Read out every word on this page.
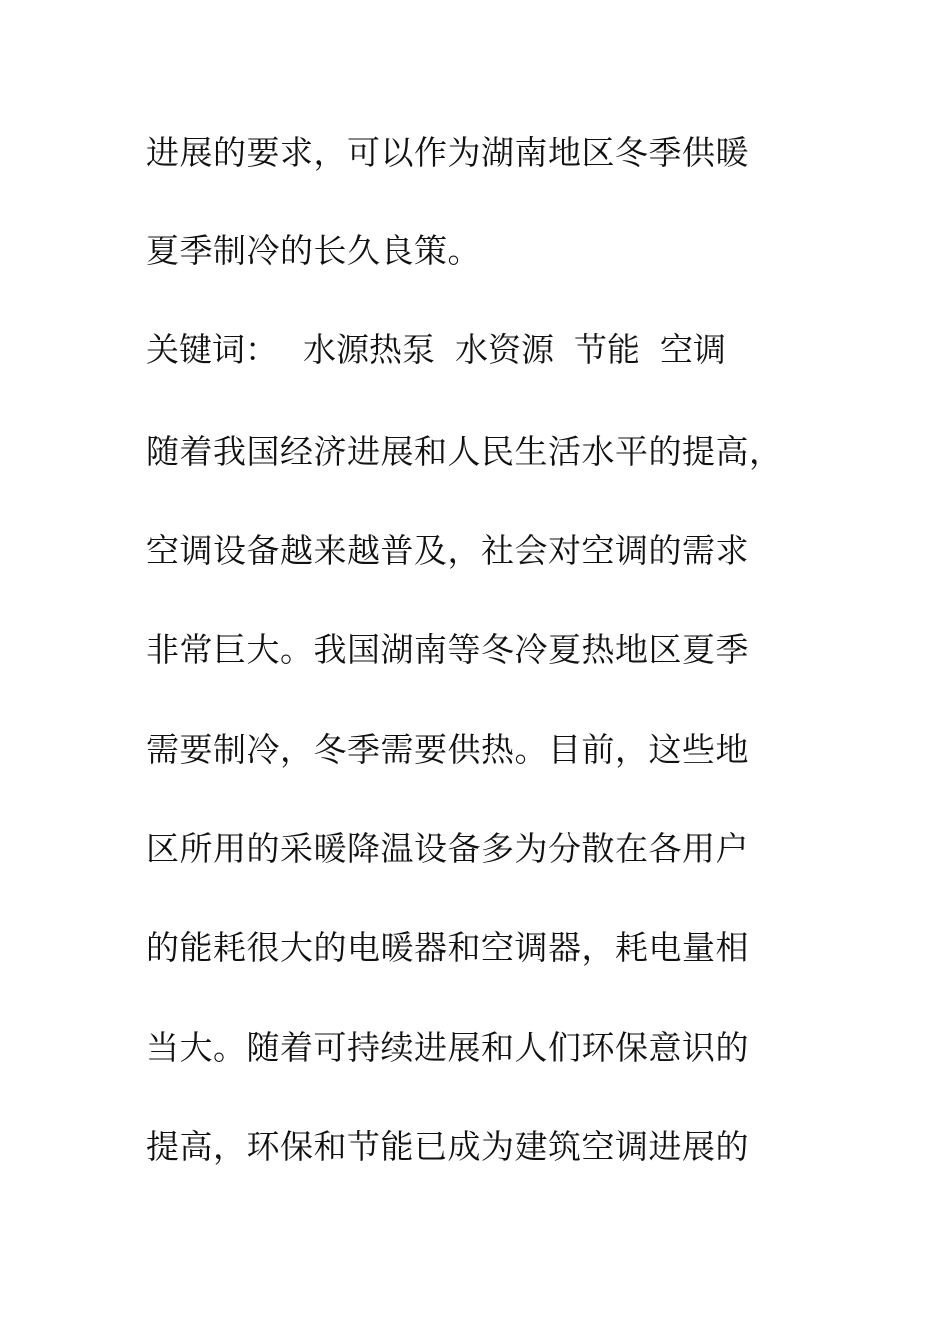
进展的要求，可以作为湖南地区冬季供暖
夏季制冷的长久良策。
关键词： 水源热泵 水资源 节能 空调
随着我国经济进展和人民生活水平的提高，
空调设备越来越普及，社会对空调的需求
非常巨大。我国湖南等冬冷夏热地区夏季
需要制冷，冬季需要供热。目前，这些地
区所用的采暖降温设备多为分散在各用户
的能耗很大的电暖器和空调器，耗电量相
当大。随着可持续进展和人们环保意识的
提高，环保和节能已成为建筑空调进展的
